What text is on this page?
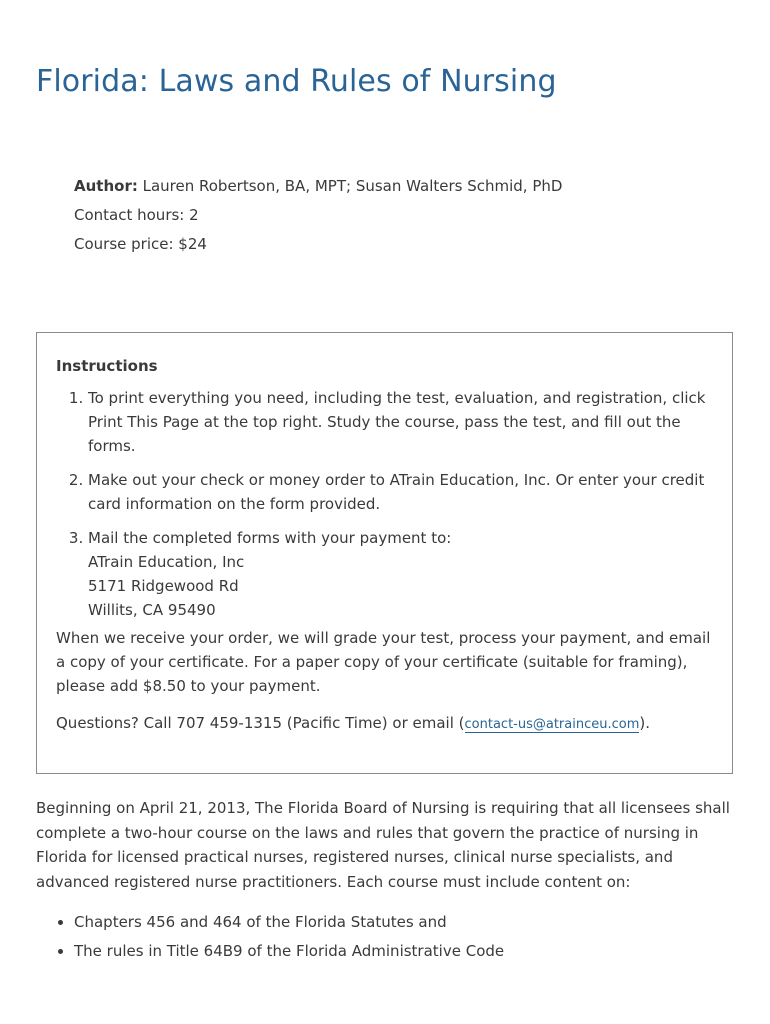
Florida: Laws and Rules of Nursing
Author: Lauren Robertson, BA, MPT; Susan Walters Schmid, PhD
Contact hours: 2
Course price: $24
Instructions
1. To print everything you need, including the test, evaluation, and registration, click Print This Page at the top right. Study the course, pass the test, and fill out the forms.
2. Make out your check or money order to ATrain Education, Inc. Or enter your credit card information on the form provided.
3. Mail the completed forms with your payment to:
ATrain Education, Inc
5171 Ridgewood Rd
Willits, CA 95490

When we receive your order, we will grade your test, process your payment, and email a copy of your certificate. For a paper copy of your certificate (suitable for framing), please add $8.50 to your payment.

Questions? Call 707 459-1315 (Pacific Time) or email (contact-us@atrainceu.com).

Beginning on April 21, 2013, The Florida Board of Nursing is requiring that all licensees shall complete a two-hour course on the laws and rules that govern the practice of nursing in Florida for licensed practical nurses, registered nurses, clinical nurse specialists, and advanced registered nurse practitioners. Each course must include content on:

• Chapters 456 and 464 of the Florida Statutes and
• The rules in Title 64B9 of the Florida Administrative Code
